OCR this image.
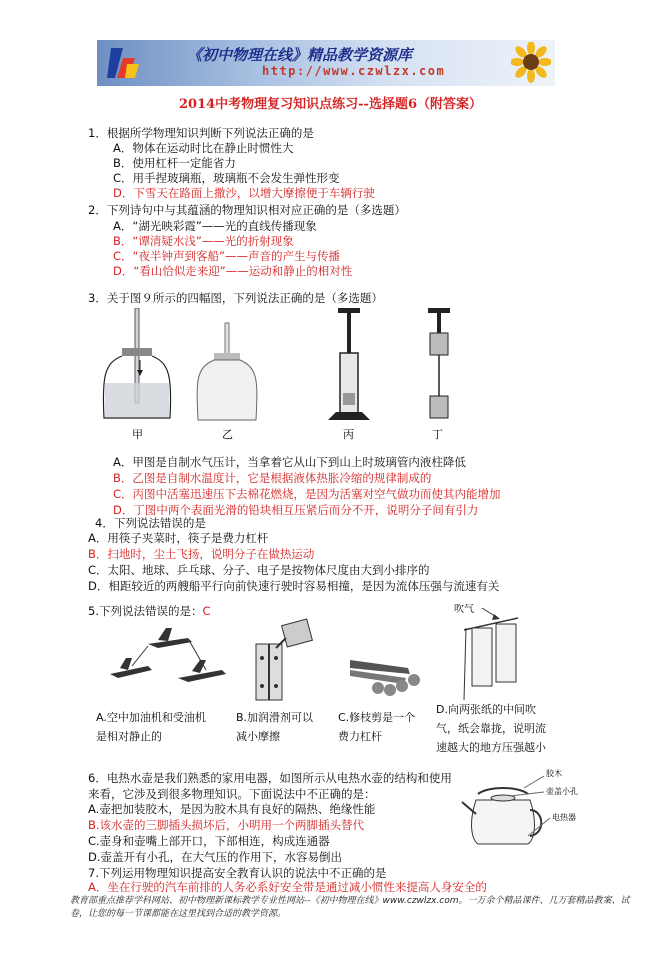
《初中物理在线》精品教学资源库
http://www.czwlzx.com
2014中考物理复习知识点练习--选择题6（附答案）
1．根据所学物理知识判断下列说法正确的是
A．物体在运动时比在静止时惯性大
B．使用杠杆一定能省力
C．用手捏玻璃瓶，玻璃瓶不会发生弹性形变
D．下雪天在路面上撒沙，以增大摩擦便于车辆行驶
2．下列诗句中与其蕴涵的物理知识相对应正确的是（多选题）
A．“湖光映彩霞”——光的直线传播现象
B．“谭清疑水浅”——光的折射现象
C．“夜半钟声到客船”——声音的产生与传播
D．“看山恰似走来迎”——运动和静止的相对性
3．关于图９所示的四幅图，下列说法正确的是（多选题）
甲	乙	丙	丁
A．甲图是自制水气压计，当拿着它从山下到山上时玻璃管内液柱降低
B．乙图是自制水温度计，它是根据液体热胀冷缩的规律制成的
C．丙图中活塞迅速压下去棉花燃烧，是因为活塞对空气做功而使其内能增加
D．丁图中两个表面光滑的铅块相互压紧后而分不开，说明分子间有引力
4．下列说法错误的是
A．用筷子夹菜时，筷子是费力杠杆
B．扫地时，尘土飞扬，说明分子在做热运动
C．太阳、地球、乒乓球、分子、电子是按物体尺度由大到小排序的
D．相距较近的两艘船平行向前快速行驶时容易相撞，是因为流体压强与流速有关
5.下列说法错误的是：C	吹气
A.空中加油机和受油机是相对静止的
B.加润滑剂可以减小摩擦
C.修枝剪是一个费力杠杆
D.向两张纸的中间吹气，纸会靠拢，说明流速越大的地方压强越小
6．电热水壶是我们熟悉的家用电器，如图所示从电热水壶的结构和使用来看，它涉及到很多物理知识。下面说法中不正确的是：
A.壶把加装胶木，是因为胶木具有良好的隔热、绝缘性能
B.该水壶的三脚插头损坏后，小明用一个两脚插头替代
C.壶身和壶嘴上部开口，下部相连，构成连通器
D.壶盖开有小孔，在大气压的作用下，水容易倒出
胶木
壶盖小孔
电热器
7.下列运用物理知识提高安全教育认识的说法中不正确的是
A．坐在行驶的汽车前排的人务必系好安全带是通过减小惯性来提高人身安全的
教育部重点推荐学科网站、初中物理新课标教学专业性网站--《初中物理在线》www.czwlzx.com。一万余个精品课件、几万套精品教案、试卷，让您的每一节课都能在这里找到合适的教学资源。
